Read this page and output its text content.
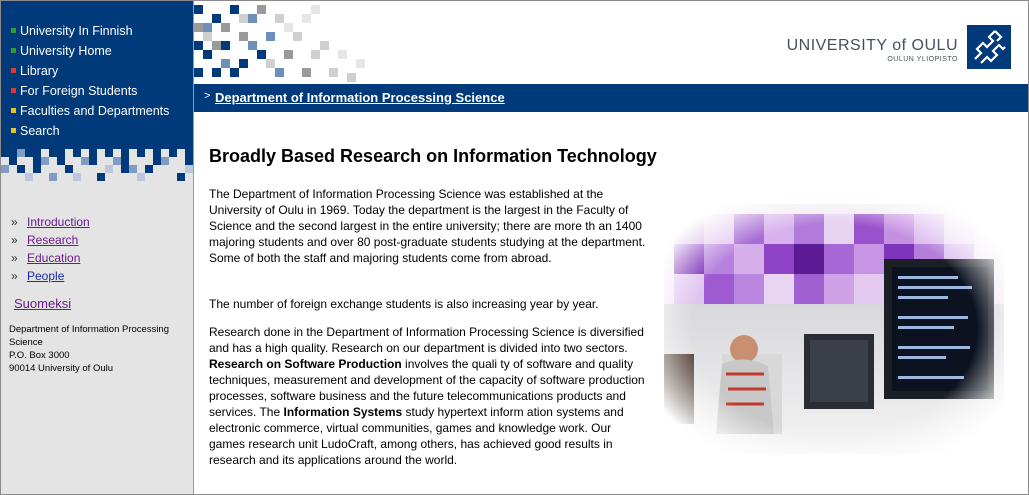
University In Finnish
University Home
Library
For Foreign Students
Faculties and Departments
Search
» Introduction
» Research
» Education
» People
Suomeksi
Department of Information Processing Science
P.O. Box 3000
90014 University of Oulu
UNIVERSITY of OULU
OULUN YLIOPISTO
> Department of Information Processing Science
Broadly Based Research on Information Technology

The Department of Information Processing Science was established at the University of Oulu in 1969. Today the department is the largest in the Faculty of Science and the second largest in the entire university; there are more th an 1400 majoring students and over 80 post-graduate students studying at the department. Some of both the staff and majoring students come from abroad.

The number of foreign exchange students is also increasing year by year.

Research done in the Department of Information Processing Science is diversified and has a high quality. Research on our department is divided into two sectors. Research on Software Production involves the quali ty of software and quality techniques, measurement and development of the capacity of software production processes, software business and the future telecommunications products and services. The Information Systems study hypertext inform ation systems and electronic commerce, virtual communities, games and knowledge work. Our games research unit LudoCraft, among others, has achieved good results in research and its applications around the world.
